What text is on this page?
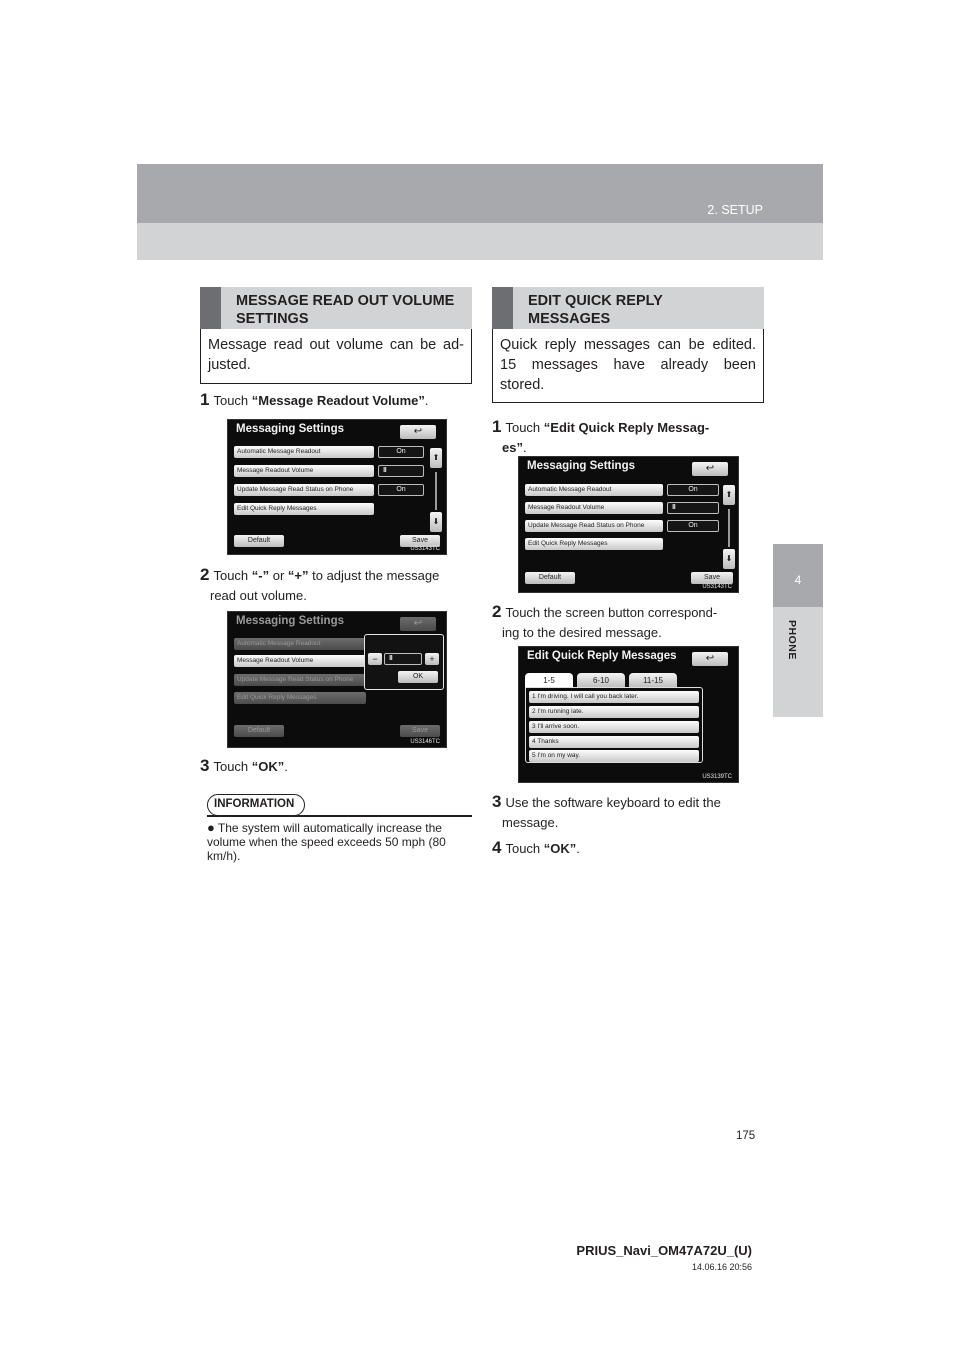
2. SETUP
4
PHONE
MESSAGE READ OUT VOLUME SETTINGS
Message read out volume can be ad-justed.
1 Touch “Message Readout Volume”.
Messaging Settings	↩
Automatic Message Readout	On
Message Readout Volume	III
Update Message Read Status on Phone	On
Edit Quick Reply Messages
⬆
⬇
Default	Save
US3143TC
2 Touch “-” or “+” to adjust the message
read out volume.
Messaging Settings	↩
Automatic Message Readout
Message Readout Volume
Update Message Read Status on Phone
Edit Quick Reply Messages
−	III	+
OK
Default	Save
US3146TC
3 Touch “OK”.
INFORMATION
● The system will automatically increase the volume when the speed exceeds 50 mph (80 km/h).
EDIT QUICK REPLY MESSAGES
Quick reply messages can be edited. 15 messages have already been stored.
1 Touch “Edit Quick Reply Messag-
es”.
Messaging Settings	↩
Automatic Message Readout	On
Message Readout Volume	III
Update Message Read Status on Phone	On
Edit Quick Reply Messages
⬆
⬇
Default	Save
US3143TC
2 Touch the screen button correspond-
ing to the desired message.
Edit Quick Reply Messages	↩
1-5	6-10	11-15
1 I'm driving. I will call you back later.
2 I'm running late.
3 I'll arrive soon.
4 Thanks
5 I'm on my way.
US3139TC
3 Use the software keyboard to edit the
message.
4 Touch “OK”.
175
PRIUS_Navi_OM47A72U_(U)
14.06.16 20:56
